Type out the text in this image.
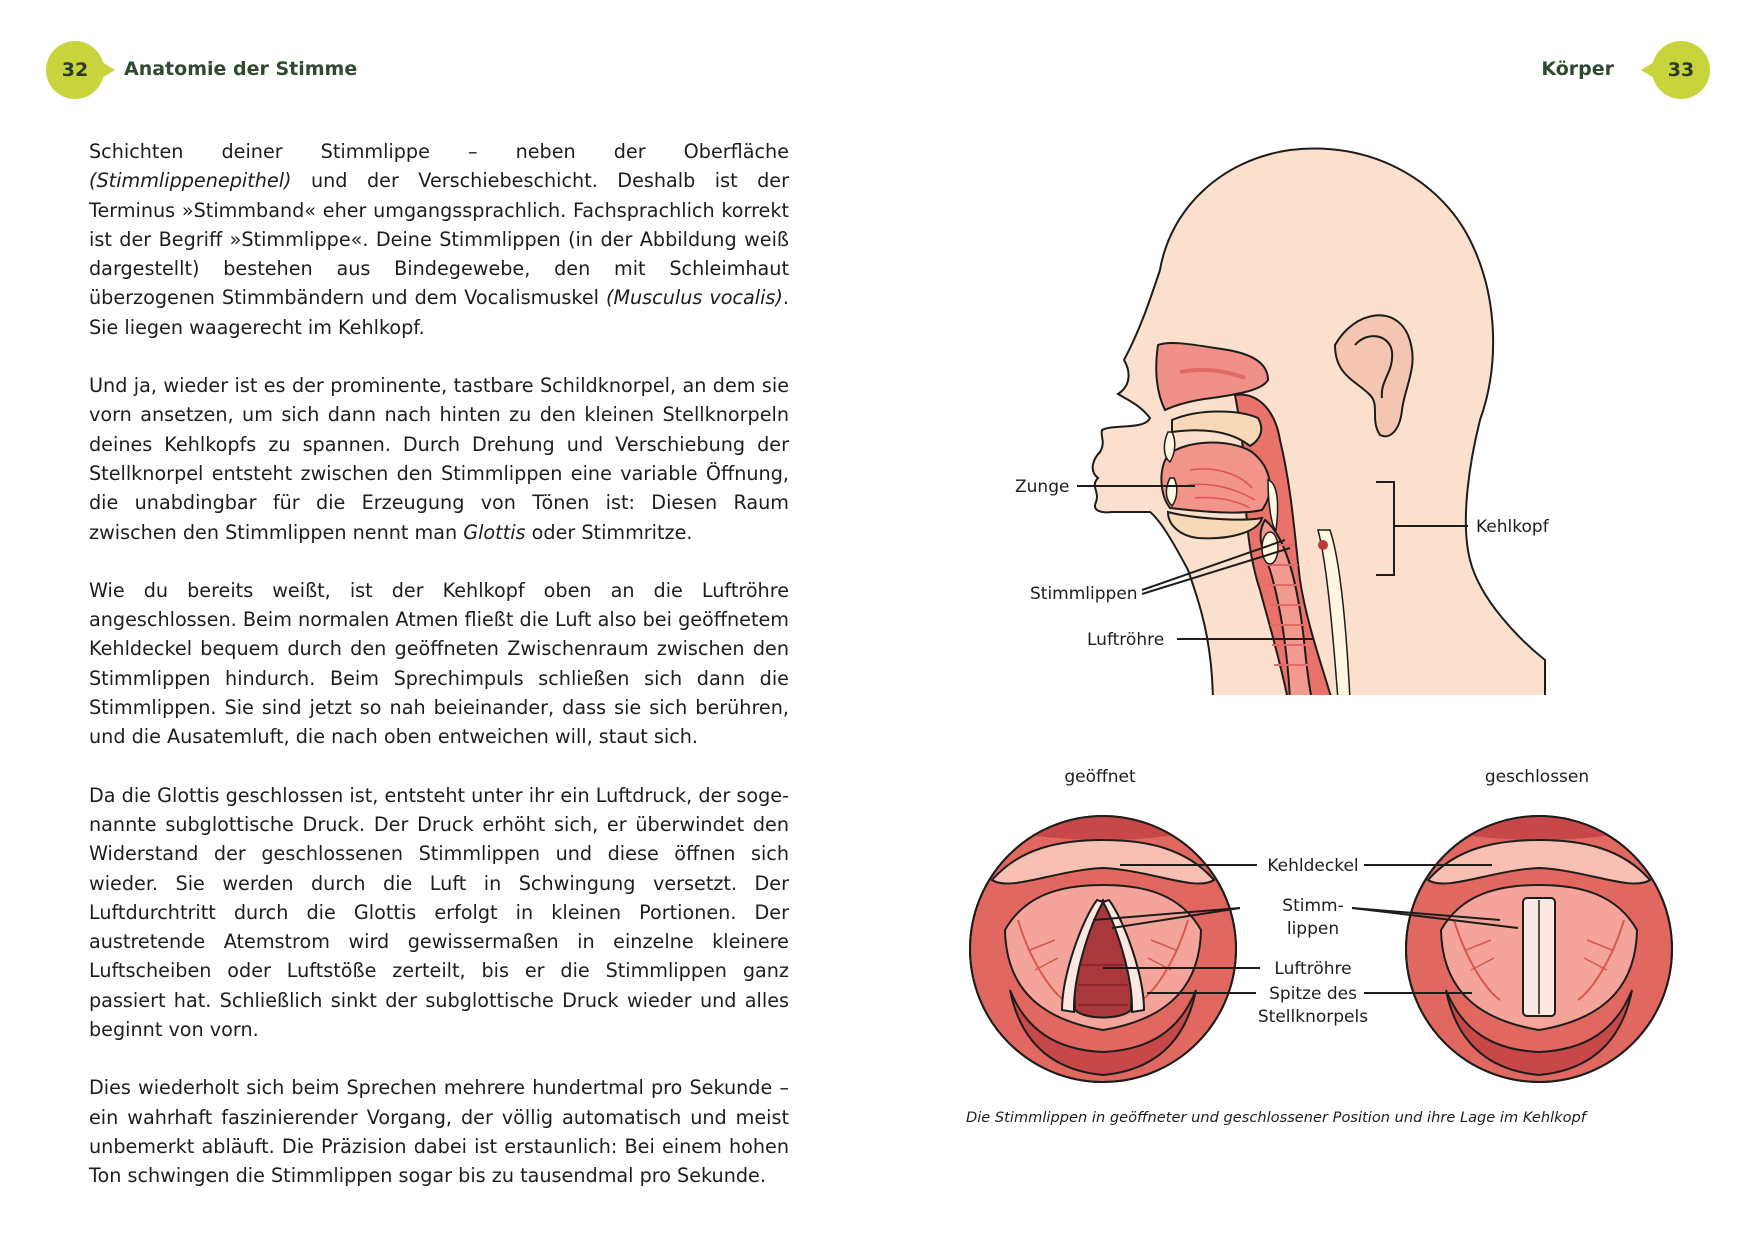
32 Anatomie der Stimme	Körper	33

Schichten deiner Stimmlippe – neben der Oberfläche (Stimmlippenepithel) und der Verschiebeschicht. Deshalb ist der Terminus »Stimmband« eher umgangssprachlich. Fachsprachlich korrekt ist der Begriff »Stimmlippe«. Deine Stimmlippen (in der Abbildung weiß dargestellt) bestehen aus Bindegewebe, den mit Schleimhaut überzogenen Stimmbändern und dem Vocalismuskel (Musculus vocalis). Sie liegen waagerecht im Kehlkopf.

Und ja, wieder ist es der prominente, tastbare Schildknorpel, an dem sie vorn ansetzen, um sich dann nach hinten zu den kleinen Stellknorpeln deines Kehlkopfs zu spannen. Durch Drehung und Verschiebung der Stellknorpel entsteht zwischen den Stimmlippen eine variable Öffnung, die unabdingbar für die Erzeugung von Tönen ist: Diesen Raum zwischen den Stimmlippen nennt man Glottis oder Stimmritze.

Wie du bereits weißt, ist der Kehlkopf oben an die Luftröhre angeschlossen. Beim normalen Atmen fließt die Luft also bei geöffnetem Kehldeckel bequem durch den geöffneten Zwischenraum zwischen den Stimmlippen hindurch. Beim Sprechimpuls schließen sich dann die Stimmlippen. Sie sind jetzt so nah beieinander, dass sie sich berühren, und die Ausatemluft, die nach oben entweichen will, staut sich.

Da die Glottis geschlossen ist, entsteht unter ihr ein Luftdruck, der sogenannte subglottische Druck. Der Druck erhöht sich, er überwindet den Widerstand der geschlossenen Stimmlippen und diese öffnen sich wieder. Sie werden durch die Luft in Schwingung versetzt. Der Luftdurchtritt durch die Glottis erfolgt in kleinen Portionen. Der austretende Atemstrom wird gewissermaßen in einzelne kleinere Luftscheiben oder Luftstöße zerteilt, bis er die Stimmlippen ganz passiert hat. Schließlich sinkt der subglottische Druck wieder und alles beginnt von vorn.

Dies wiederholt sich beim Sprechen mehrere hundertmal pro Sekunde – ein wahrhaft faszinierender Vorgang, der völlig automatisch und meist unbemerkt abläuft. Die Präzision dabei ist erstaunlich: Bei einem hohen Ton schwingen die Stimmlippen sogar bis zu tausendmal pro Sekunde.

Zunge
Kehlkopf
Stimmlippen
Luftröhre
geöffnet	geschlossen
Kehldeckel
Stimm-
lippen
Luftröhre
Spitze des
Stellknorpels
Die Stimmlippen in geöffneter und geschlossener Position und ihre Lage im Kehlkopf
